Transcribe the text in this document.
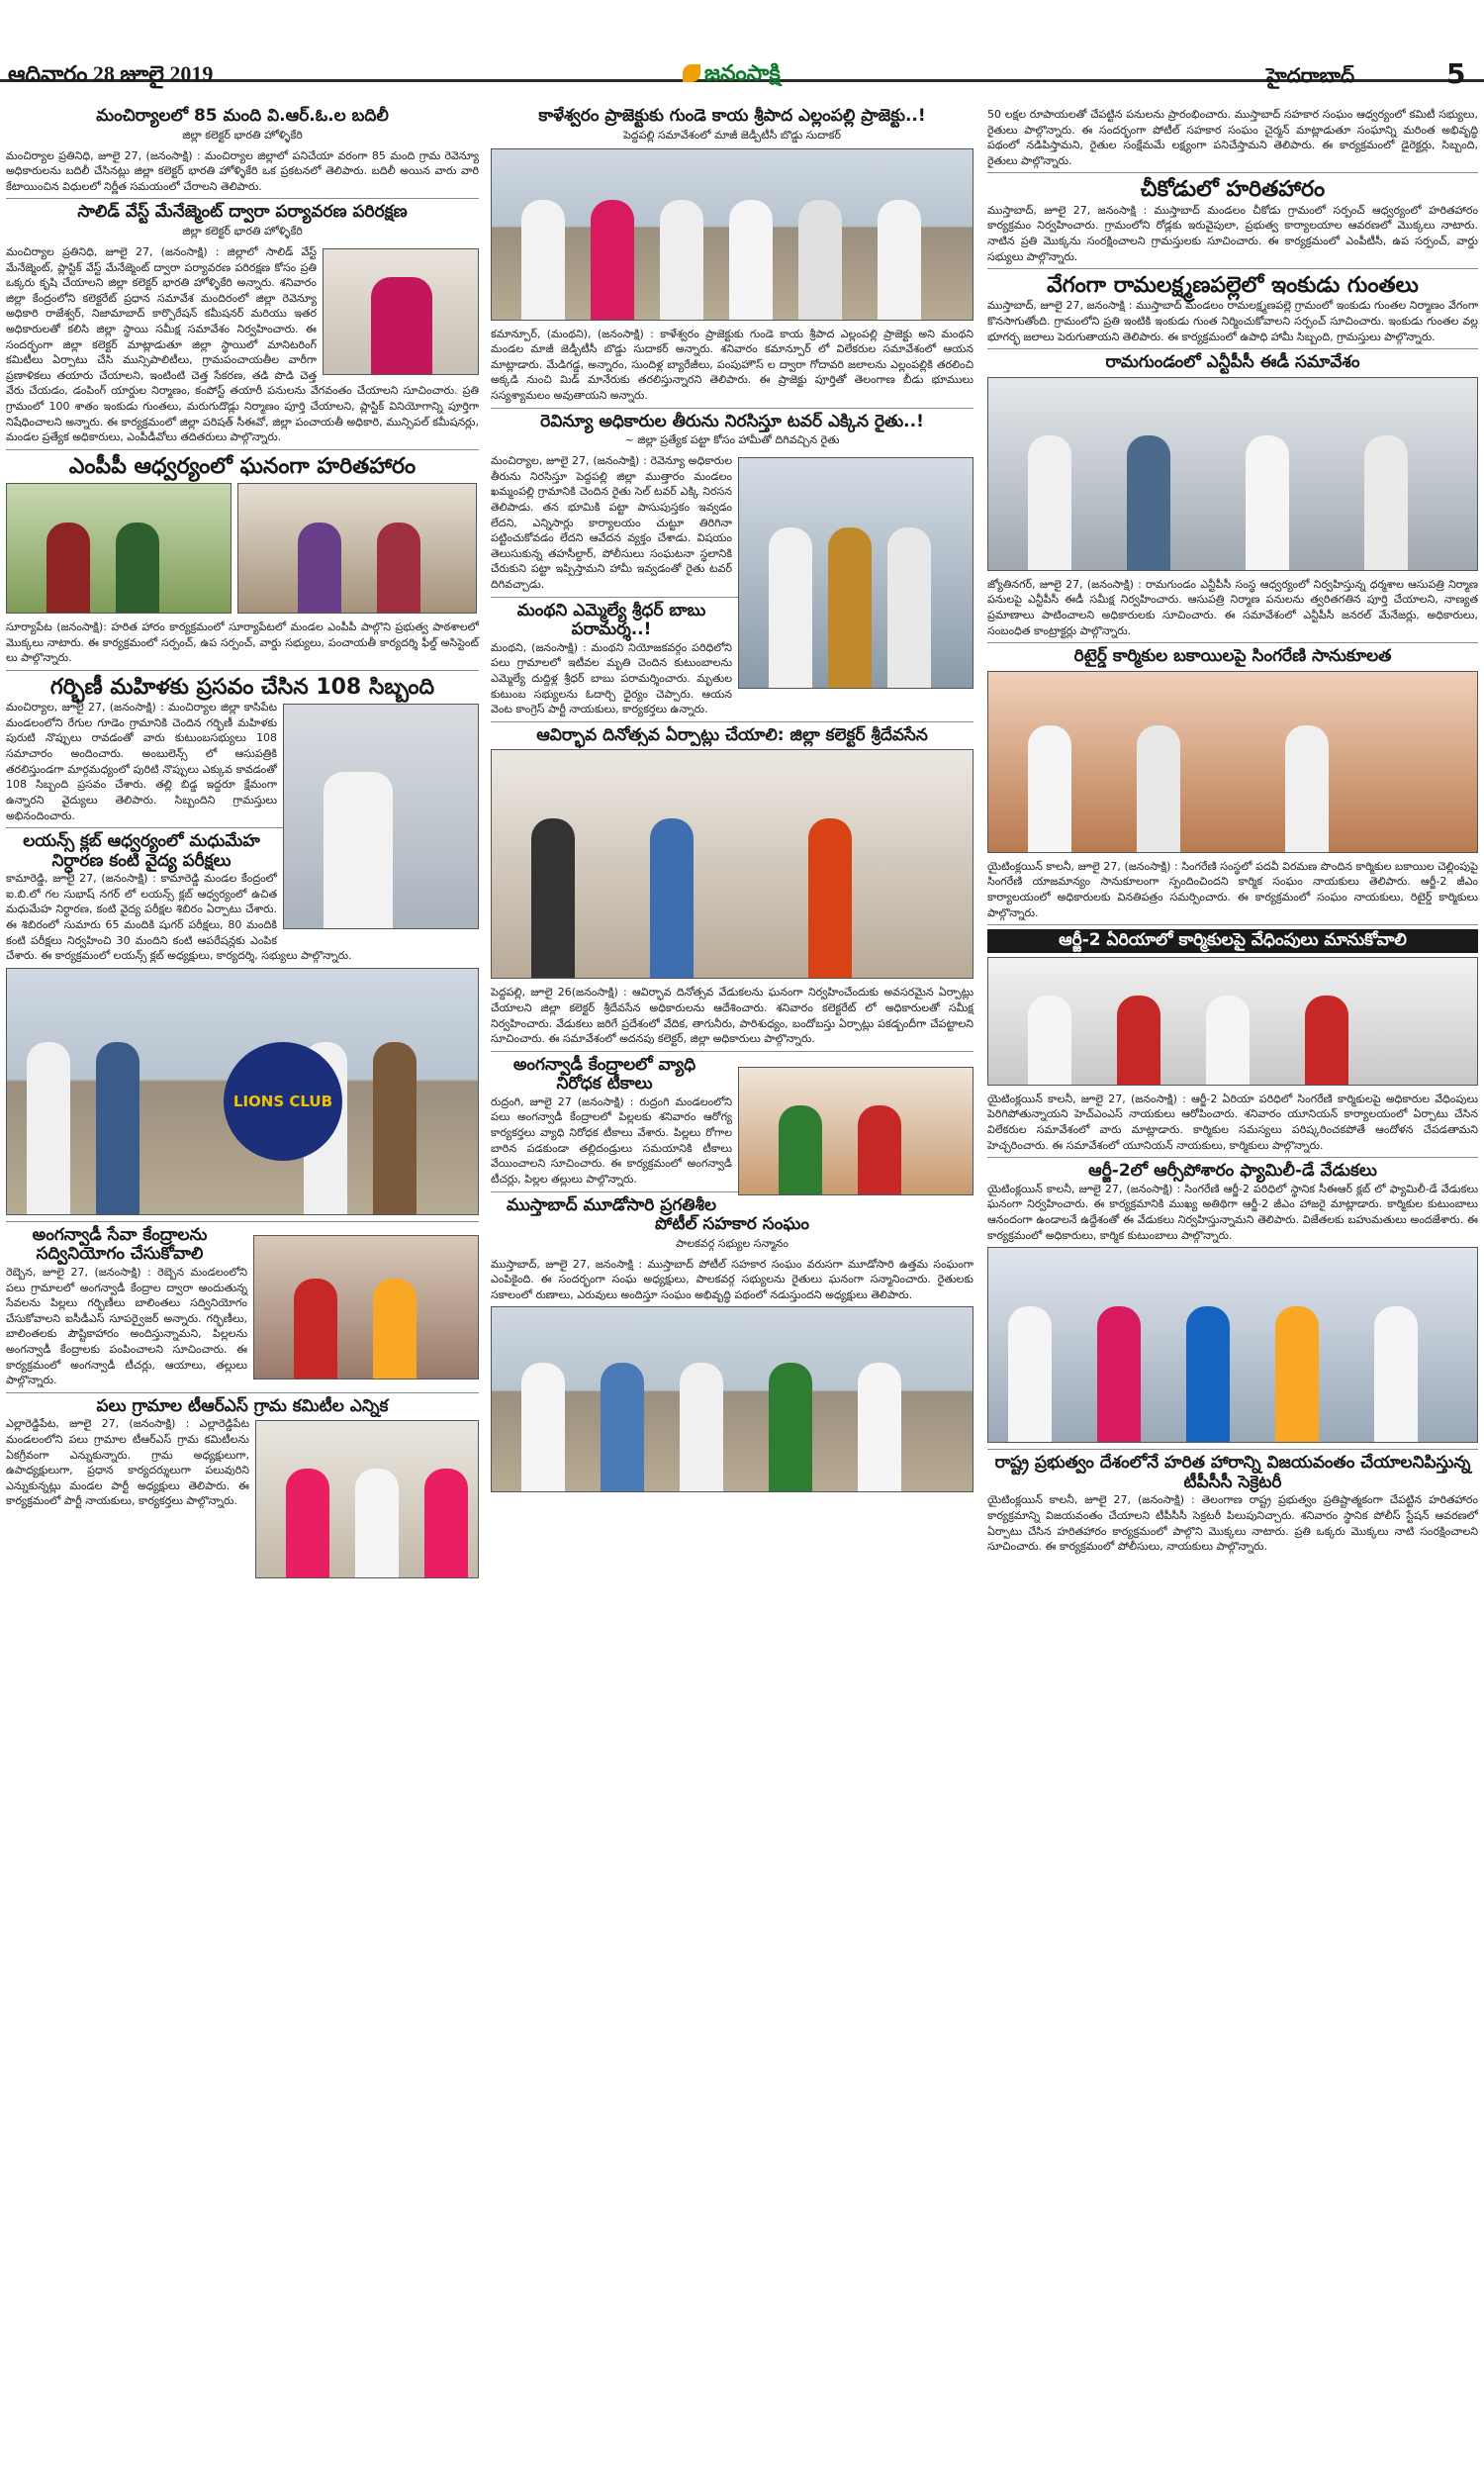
ఆదివారం 28 జూలై 2019	జనంసాక్షి	హైదరాబాద్	5
మంచిర్యాలలో 85 మంది వి.ఆర్.ఓ.ల బదిలీ
జిల్లా కలెక్టర్ భారతి హోళ్ళికేరి

మంచిర్యాల ప్రతినిధి, జూలై 27, (జనంసాక్షి) : మంచిర్యాల జిల్లాలో పనిచేయా వరంగా 85 మంది గ్రామ రెవెన్యూ అధికారులను బదిలీ చేసినట్లు జిల్లా కలెక్టర్ భారతి హోళ్ళికేరి ఒక ప్రకటనలో తెలిపారు. బదిలీ అయిన వారు వారి కేటాయించిన విధులలో నిర్ణీత సమయంలో చేరాలని తెలిపారు.

సాలిడ్ వేస్ట్ మేనేజ్మెంట్ ద్వారా పర్యావరణ పరిరక్షణ
జిల్లా కలెక్టర్ భారతి హోళ్ళికేరి

మంచిర్యాల ప్రతినిధి, జూలై 27, (జనంసాక్షి) : జిల్లాలో సాలిడ్ వేస్ట్ మేనేజ్మెంట్, ప్లాస్టిక్ వేస్ట్ మేనేజ్మెంట్ ద్వారా పర్యావరణ పరిరక్షణ కోసం ప్రతి ఒక్కరు కృషి చేయాలని జిల్లా కలెక్టర్ భారతి హోళ్ళికేరి అన్నారు. శనివారం జిల్లా కేంద్రంలోని కలెక్టరేట్ ప్రధాన సమావేశ మందిరంలో జిల్లా రెవెన్యూ అధికారి రాజేశ్వర్, నిజామాబాద్ కార్పొరేషన్ కమీషనర్ మరియు ఇతర అధికారులతో కలిసి జిల్లా స్థాయి సమీక్ష సమావేశం నిర్వహించారు. ఈ సందర్భంగా జిల్లా కలెక్టర్ మాట్లాడుతూ జిల్లా స్థాయిలో మానిటరింగ్ కమిటీలు ఏర్పాటు చేసి మున్సిపాలిటీలు, గ్రామపంచాయతీల వారీగా ప్రణాళికలు తయారు చేయాలని, ఇంటింటి చెత్త సేకరణ, తడి పొడి చెత్త వేరు చేయడం, డంపింగ్ యార్డుల నిర్మాణం, కంపోస్ట్ తయారీ పనులను వేగవంతం చేయాలని సూచించారు. ప్రతి గ్రామంలో 100 శాతం ఇంకుడు గుంతలు, మరుగుదొడ్లు నిర్మాణం పూర్తి చేయాలని, ప్లాస్టిక్ వినియోగాన్ని పూర్తిగా నిషేధించాలని అన్నారు. ఈ కార్యక్రమంలో జిల్లా పరిషత్ సీఈవో, జిల్లా పంచాయతీ అధికారి, మున్సిపల్ కమీషనర్లు, మండల ప్రత్యేక అధికారులు, ఎంపీడీవోలు తదితరులు పాల్గొన్నారు.

ఎంపీపీ ఆధ్వర్యంలో ఘనంగా హరితహారం

సూర్యాపేట (జనంసాక్షి): హరిత హారం కార్యక్రమంలో సూర్యాపేటలో మండల ఎంపీపీ పాల్గొని ప్రభుత్వ పాఠశాలలో మొక్కలు నాటారు. ఈ కార్యక్రమంలో సర్పంచ్, ఉప సర్పంచ్, వార్డు సభ్యులు, పంచాయతీ కార్యదర్శి ఫీల్డ్ అసిస్టెంట్ లు పాల్గొన్నారు.

గర్భిణీ మహిళకు ప్రసవం చేసిన 108 సిబ్బంది

మంచిర్యాల, జూలై 27, (జనంసాక్షి) : మంచిర్యాల జిల్లా కాసిపేట మండలంలోని రేగుల గూడెం గ్రామానికి చెందిన గర్భిణీ మహిళకు పురుటి నొప్పులు రావడంతో వారు కుటుంబసభ్యులు 108 సమాచారం అందించారు. అంబులెన్స్ లో ఆసుపత్రికి తరలిస్తుండగా మార్గమధ్యంలో పురిటి నొప్పులు ఎక్కువ కావడంతో 108 సిబ్బంది ప్రసవం చేశారు. తల్లి బిడ్డ ఇద్దరూ క్షేమంగా ఉన్నారని వైద్యులు తెలిపారు. సిబ్బందిని గ్రామస్తులు అభినందించారు.

లయన్స్ క్లబ్ ఆధ్వర్యంలో మధుమేహ నిర్ధారణ కంటి వైద్య పరీక్షలు

కామారెడ్డి, జూలై 27, (జనంసాక్షి) : కామారెడ్డి మండల కేంద్రంలో ఐ.బి.లో గల సుభాష్ నగర్ లో లయన్స్ క్లబ్ ఆధ్వర్యంలో ఉచిత మధుమేహ నిర్ధారణ, కంటి వైద్య పరీక్షల శిబిరం ఏర్పాటు చేశారు. ఈ శిబిరంలో సుమారు 65 మందికి షుగర్ పరీక్షలు, 80 మందికి కంటి పరీక్షలు నిర్వహించి 30 మందిని కంటి ఆపరేషన్లకు ఎంపిక చేశారు. ఈ కార్యక్రమంలో లయన్స్ క్లబ్ అధ్యక్షులు, కార్యదర్శి, సభ్యులు పాల్గొన్నారు.

LIONS CLUB
అంగన్వాడీ సేవా కేంద్రాలను సద్వినియోగం చేసుకోవాలి

రెబ్బెన, జూలై 27, (జనంసాక్షి) : రెబ్బెన మండలంలోని పలు గ్రామాలలో అంగన్వాడీ కేంద్రాల ద్వారా అందుతున్న సేవలను పిల్లలు గర్భిణీలు బాలింతలు సద్వినియోగం చేసుకోవాలని ఐసీడీఎస్ సూపర్వైజర్ అన్నారు. గర్భిణీలు, బాలింతలకు పౌష్టికాహారం అందిస్తున్నామని, పిల్లలను అంగన్వాడీ కేంద్రాలకు పంపించాలని సూచించారు. ఈ కార్యక్రమంలో అంగన్వాడీ టీచర్లు, ఆయాలు, తల్లులు పాల్గొన్నారు.

పలు గ్రామాల టీఆర్ఎస్ గ్రామ కమిటీల ఎన్నిక

ఎల్లారెడ్డిపేట, జూలై 27, (జనంసాక్షి) : ఎల్లారెడ్డిపేట మండలంలోని పలు గ్రామాల టీఆర్ఎస్ గ్రామ కమిటీలను ఏకగ్రీవంగా ఎన్నుకున్నారు. గ్రామ అధ్యక్షులుగా, ఉపాధ్యక్షులుగా, ప్రధాన కార్యదర్శులుగా పలువురిని ఎన్నుకున్నట్లు మండల పార్టీ అధ్యక్షులు తెలిపారు. ఈ కార్యక్రమంలో పార్టీ నాయకులు, కార్యకర్తలు పాల్గొన్నారు.

కాళేశ్వరం ప్రాజెక్టుకు గుండె కాయ శ్రీపాద ఎల్లంపల్లి ప్రాజెక్టు..!
పెద్దపల్లి సమావేశంలో మాజీ జెడ్పీటీసీ బొడ్డు సుదాకర్

కమాన్పూర్, (మంథని), (జనంసాక్షి) : కాళేశ్వరం ప్రాజెక్టుకు గుండె కాయ శ్రీపాద ఎల్లంపల్లి ప్రాజెక్టు అని మంథని మండల మాజీ జెడ్పీటీసీ బొడ్డు సుదాకర్ అన్నారు. శనివారం కమాన్పూర్ లో విలేకరుల సమావేశంలో ఆయన మాట్లాడారు. మేడిగడ్డ, అన్నారం, సుందిళ్ల బ్యారేజీలు, పంపుహౌస్ ల ద్వారా గోదావరి జలాలను ఎల్లంపల్లికి తరలించి అక్కడి నుంచి మిడ్ మానేరుకు తరలిస్తున్నారని తెలిపారు. ఈ ప్రాజెక్టు పూర్తితో తెలంగాణ బీడు భూములు సస్యశ్యామలం అవుతాయని అన్నారు.

రెవిన్యూ అధికారుల తీరును నిరసిస్తూ టవర్ ఎక్కిన రైతు..!
~ జిల్లా ప్రత్యేక పట్టా కోసం హామీతో దిగివచ్చిన రైతు

మంచిర్యాల, జూలై 27, (జనంసాక్షి) : రెవెన్యూ అధికారుల తీరును నిరసిస్తూ పెద్దపల్లి జిల్లా ముత్తారం మండలం ఖమ్మంపల్లి గ్రామానికి చెందిన రైతు సెల్ టవర్ ఎక్కి నిరసన తెలిపాడు. తన భూమికి పట్టా పాసుపుస్తకం ఇవ్వడం లేదని, ఎన్నిసార్లు కార్యాలయం చుట్టూ తిరిగినా పట్టించుకోవడం లేదని ఆవేదన వ్యక్తం చేశాడు. విషయం తెలుసుకున్న తహసీల్దార్, పోలీసులు సంఘటనా స్థలానికి చేరుకుని పట్టా ఇప్పిస్తామని హామీ ఇవ్వడంతో రైతు టవర్ దిగివచ్చాడు.

మంథని ఎమ్మెల్యే శ్రీధర్ బాబు పరామర్శ..!

మంథని, (జనంసాక్షి) : మంథని నియోజకవర్గం పరిధిలోని పలు గ్రామాలలో ఇటీవల మృతి చెందిన కుటుంబాలను ఎమ్మెల్యే దుద్దిళ్ల శ్రీధర్ బాబు పరామర్శించారు. మృతుల కుటుంబ సభ్యులను ఓదార్చి ధైర్యం చెప్పారు. ఆయన వెంట కాంగ్రెస్ పార్టీ నాయకులు, కార్యకర్తలు ఉన్నారు.

ఆవిర్భావ దినోత్సవ ఏర్పాట్లు చేయాలి: జిల్లా కలెక్టర్ శ్రీదేవసేన

పెద్దపల్లి, జూలై 26(జనంసాక్షి) : ఆవిర్భావ దినోత్సవ వేడుకలను ఘనంగా నిర్వహించేందుకు అవసరమైన ఏర్పాట్లు చేయాలని జిల్లా కలెక్టర్ శ్రీదేవసేన అధికారులను ఆదేశించారు. శనివారం కలెక్టరేట్ లో అధికారులతో సమీక్ష నిర్వహించారు. వేడుకలు జరిగే ప్రదేశంలో వేదిక, తాగునీరు, పారిశుధ్యం, బందోబస్తు ఏర్పాట్లు పకడ్బందీగా చేపట్టాలని సూచించారు. ఈ సమావేశంలో అదనపు కలెక్టర్, జిల్లా అధికారులు పాల్గొన్నారు.

అంగన్వాడీ కేంద్రాలలో వ్యాధి నిరోధక టీకాలు

రుద్రంగి, జూలై 27 (జనంసాక్షి) : రుద్రంగి మండలంలోని పలు అంగన్వాడీ కేంద్రాలలో పిల్లలకు శనివారం ఆరోగ్య కార్యకర్తలు వ్యాధి నిరోధక టీకాలు వేశారు. పిల్లలు రోగాల బారిన పడకుండా తల్లిదండ్రులు సమయానికి టీకాలు వేయించాలని సూచించారు. ఈ కార్యక్రమంలో అంగన్వాడీ టీచర్లు, పిల్లల తల్లులు పాల్గొన్నారు.

ముస్తాబాద్ మూడోసారి ప్రగతిశీల పోటీల్ సహకార సంఘం
పాలకవర్గ సభ్యుల సన్మానం

ముస్తాబాద్, జూలై 27, జనంసాక్షి : ముస్తాబాద్ పోటీల్ సహకార సంఘం వరుసగా మూడోసారి ఉత్తమ సంఘంగా ఎంపికైంది. ఈ సందర్భంగా సంఘ అధ్యక్షులు, పాలకవర్గ సభ్యులను రైతులు ఘనంగా సన్మానించారు. రైతులకు సకాలంలో రుణాలు, ఎరువులు అందిస్తూ సంఘం అభివృద్ధి పథంలో నడుస్తుందని అధ్యక్షులు తెలిపారు.

50 లక్షల రూపాయలతో చేపట్టిన పనులను ప్రారంభించారు. ముస్తాబాద్ సహకార సంఘం ఆధ్వర్యంలో కమిటీ సభ్యులు, రైతులు పాల్గొన్నారు. ఈ సందర్భంగా పోటీల్ సహకార సంఘం చైర్మన్ మాట్లాడుతూ సంఘాన్ని మరింత అభివృద్ధి పథంలో నడిపిస్తామని, రైతుల సంక్షేమమే లక్ష్యంగా పనిచేస్తామని తెలిపారు. ఈ కార్యక్రమంలో డైరెక్టర్లు, సిబ్బంది, రైతులు పాల్గొన్నారు.

చీకోడులో హరితహారం

ముస్తాబాద్, జూలై 27, జనంసాక్షి : ముస్తాబాద్ మండలం చీకోడు గ్రామంలో సర్పంచ్ ఆధ్వర్యంలో హరితహారం కార్యక్రమం నిర్వహించారు. గ్రామంలోని రోడ్లకు ఇరువైపులా, ప్రభుత్వ కార్యాలయాల ఆవరణలో మొక్కలు నాటారు. నాటిన ప్రతి మొక్కను సంరక్షించాలని గ్రామస్తులకు సూచించారు. ఈ కార్యక్రమంలో ఎంపీటీసీ, ఉప సర్పంచ్, వార్డు సభ్యులు పాల్గొన్నారు.

వేగంగా రామలక్ష్మణపల్లెలో ఇంకుడు గుంతలు

ముస్తాబాద్, జూలై 27, జనంసాక్షి : ముస్తాబాద్ మండలం రామలక్ష్మణపల్లె గ్రామంలో ఇంకుడు గుంతల నిర్మాణం వేగంగా కొనసాగుతోంది. గ్రామంలోని ప్రతి ఇంటికి ఇంకుడు గుంత నిర్మించుకోవాలని సర్పంచ్ సూచించారు. ఇంకుడు గుంతల వల్ల భూగర్భ జలాలు పెరుగుతాయని తెలిపారు. ఈ కార్యక్రమంలో ఉపాధి హామీ సిబ్బంది, గ్రామస్తులు పాల్గొన్నారు.

రామగుండంలో ఎన్టీపీసీ ఈడీ సమావేశం

జ్యోతినగర్, జూలై 27, (జనంసాక్షి) : రామగుండం ఎన్టీపీసీ సంస్థ ఆధ్వర్యంలో నిర్వహిస్తున్న ధర్మశాల ఆసుపత్రి నిర్మాణ పనులపై ఎన్టీపీసీ ఈడీ సమీక్ష నిర్వహించారు. ఆసుపత్రి నిర్మాణ పనులను త్వరితగతిన పూర్తి చేయాలని, నాణ్యత ప్రమాణాలు పాటించాలని అధికారులకు సూచించారు. ఈ సమావేశంలో ఎన్టీపీసీ జనరల్ మేనేజర్లు, అధికారులు, సంబంధిత కాంట్రాక్టర్లు పాల్గొన్నారు.

రిటైర్డ్ కార్మికుల బకాయిలపై సింగరేణి సానుకూలత

యైటింక్లయిన్ కాలనీ, జూలై 27, (జనంసాక్షి) : సింగరేణి సంస్థలో పదవీ విరమణ పొందిన కార్మికుల బకాయిల చెల్లింపుపై సింగరేణి యాజమాన్యం సానుకూలంగా స్పందించిందని కార్మిక సంఘం నాయకులు తెలిపారు. ఆర్జీ-2 జీఎం కార్యాలయంలో అధికారులకు వినతిపత్రం సమర్పించారు. ఈ కార్యక్రమంలో సంఘం నాయకులు, రిటైర్డ్ కార్మికులు పాల్గొన్నారు.

ఆర్జీ-2 ఏరియాలో కార్మికులపై వేధింపులు మానుకోవాలి

యైటింక్లయిన్ కాలనీ, జూలై 27, (జనంసాక్షి) : ఆర్జీ-2 ఏరియా పరిధిలో సింగరేణి కార్మికులపై అధికారుల వేధింపులు పెరిగిపోతున్నాయని హెచ్ఎంఎస్ నాయకులు ఆరోపించారు. శనివారం యూనియన్ కార్యాలయంలో ఏర్పాటు చేసిన విలేకరుల సమావేశంలో వారు మాట్లాడారు. కార్మికుల సమస్యలు పరిష్కరించకపోతే ఆందోళన చేపడతామని హెచ్చరించారు. ఈ సమావేశంలో యూనియన్ నాయకులు, కార్మికులు పాల్గొన్నారు.

ఆర్జీ-2లో ఆర్సీపోశారం ఫ్యామిలీ-డే వేడుకలు

యైటింక్లయిన్ కాలనీ, జూలై 27, (జనంసాక్షి) : సింగరేణి ఆర్జీ-2 పరిధిలో స్థానిక సీఈఆర్ క్లబ్ లో ఫ్యామిలీ-డే వేడుకలు ఘనంగా నిర్వహించారు. ఈ కార్యక్రమానికి ముఖ్య అతిథిగా ఆర్జీ-2 జీఎం హాజరై మాట్లాడారు. కార్మికుల కుటుంబాలు ఆనందంగా ఉండాలనే ఉద్దేశంతో ఈ వేడుకలు నిర్వహిస్తున్నామని తెలిపారు. విజేతలకు బహుమతులు అందజేశారు. ఈ కార్యక్రమంలో అధికారులు, కార్మిక కుటుంబాలు పాల్గొన్నారు.

రాష్ట్ర ప్రభుత్వం దేశంలోనే హరిత హారాన్ని విజయవంతం చేయాలనిపిస్తున్న టీపీసీసీ సెక్రెటరీ

యైటింక్లయిన్ కాలనీ, జూలై 27, (జనంసాక్షి) : తెలంగాణ రాష్ట్ర ప్రభుత్వం ప్రతిష్టాత్మకంగా చేపట్టిన హరితహారం కార్యక్రమాన్ని విజయవంతం చేయాలని టీపీసీసీ సెక్రటరీ పిలుపునిచ్చారు. శనివారం స్థానిక పోలీస్ స్టేషన్ ఆవరణలో ఏర్పాటు చేసిన హరితహారం కార్యక్రమంలో పాల్గొని మొక్కలు నాటారు. ప్రతి ఒక్కరు మొక్కలు నాటి సంరక్షించాలని సూచించారు. ఈ కార్యక్రమంలో పోలీసులు, నాయకులు పాల్గొన్నారు.
